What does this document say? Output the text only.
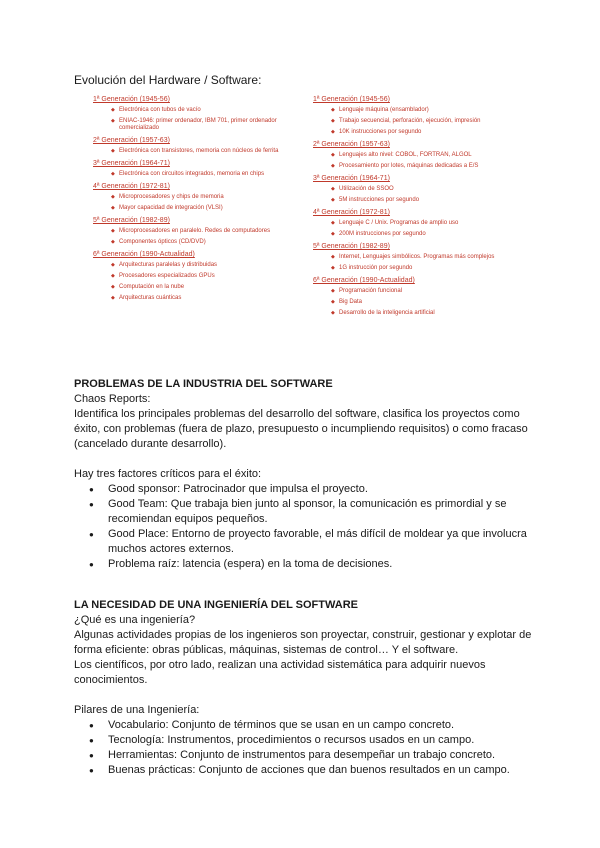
Evolución del Hardware / Software:
1ª Generación (1945-56)
◆ Electrónica con tubos de vacío
◆ ENIAC-1946: primer ordenador, IBM 701, primer ordenador comercializado
2ª Generación (1957-63)
◆ Electrónica con transistores, memoria con núcleos de ferrita
3ª Generación (1964-71)
◆ Electrónica con circuitos integrados, memoria en chips
4ª Generación (1972-81)
◆ Microprocesadores y chips de memoria
◆ Mayor capacidad de integración (VLSI)
5ª Generación (1982-89)
◆ Microprocesadores en paralelo. Redes de computadores
◆ Componentes ópticos (CD/DVD)
6ª Generación (1990-Actualidad)
◆ Arquitecturas paralelas y distribuidas
◆ Procesadores especializados GPUs
◆ Computación en la nube
◆ Arquitecturas cuánticas
1ª Generación (1945-56)
◆ Lenguaje máquina (ensamblador)
◆ Trabajo secuencial, perforación, ejecución, impresión
◆ 10K instrucciones por segundo
2ª Generación (1957-63)
◆ Lenguajes alto nivel: COBOL, FORTRAN, ALGOL
◆ Procesamiento por lotes, máquinas dedicadas a E/S
3ª Generación (1964-71)
◆ Utilización de SSOO
◆ 5M instrucciones por segundo
4ª Generación (1972-81)
◆ Lenguaje C / Unix. Programas de amplio uso
◆ 200M instrucciones por segundo
5ª Generación (1982-89)
◆ Internet, Lenguajes simbólicos. Programas más complejos
◆ 1G instrucción por segundo
6ª Generación (1990-Actualidad)
◆ Programación funcional
◆ Big Data
◆ Desarrollo de la inteligencia artificial
PROBLEMAS DE LA INDUSTRIA DEL SOFTWARE

Chaos Reports:

Identifica los principales problemas del desarrollo del software, clasifica los proyectos como éxito, con problemas (fuera de plazo, presupuesto o incumpliendo requisitos) o como fracaso (cancelado durante desarrollo).

Hay tres factores críticos para el éxito:

● Good sponsor: Patrocinador que impulsa el proyecto.
● Good Team: Que trabaja bien junto al sponsor, la comunicación es primordial y se recomiendan equipos pequeños.
● Good Place: Entorno de proyecto favorable, el más difícil de moldear ya que involucra muchos actores externos.
● Problema raíz: latencia (espera) en la toma de decisiones.
LA NECESIDAD DE UNA INGENIERÍA DEL SOFTWARE

¿Qué es una ingeniería?

Algunas actividades propias de los ingenieros son proyectar, construir, gestionar y explotar de forma eficiente: obras públicas, máquinas, sistemas de control… Y el software.

Los científicos, por otro lado, realizan una actividad sistemática para adquirir nuevos conocimientos.

Pilares de una Ingeniería:

● Vocabulario: Conjunto de términos que se usan en un campo concreto.
● Tecnología: Instrumentos, procedimientos o recursos usados en un campo.
● Herramientas: Conjunto de instrumentos para desempeñar un trabajo concreto.
● Buenas prácticas: Conjunto de acciones que dan buenos resultados en un campo.
